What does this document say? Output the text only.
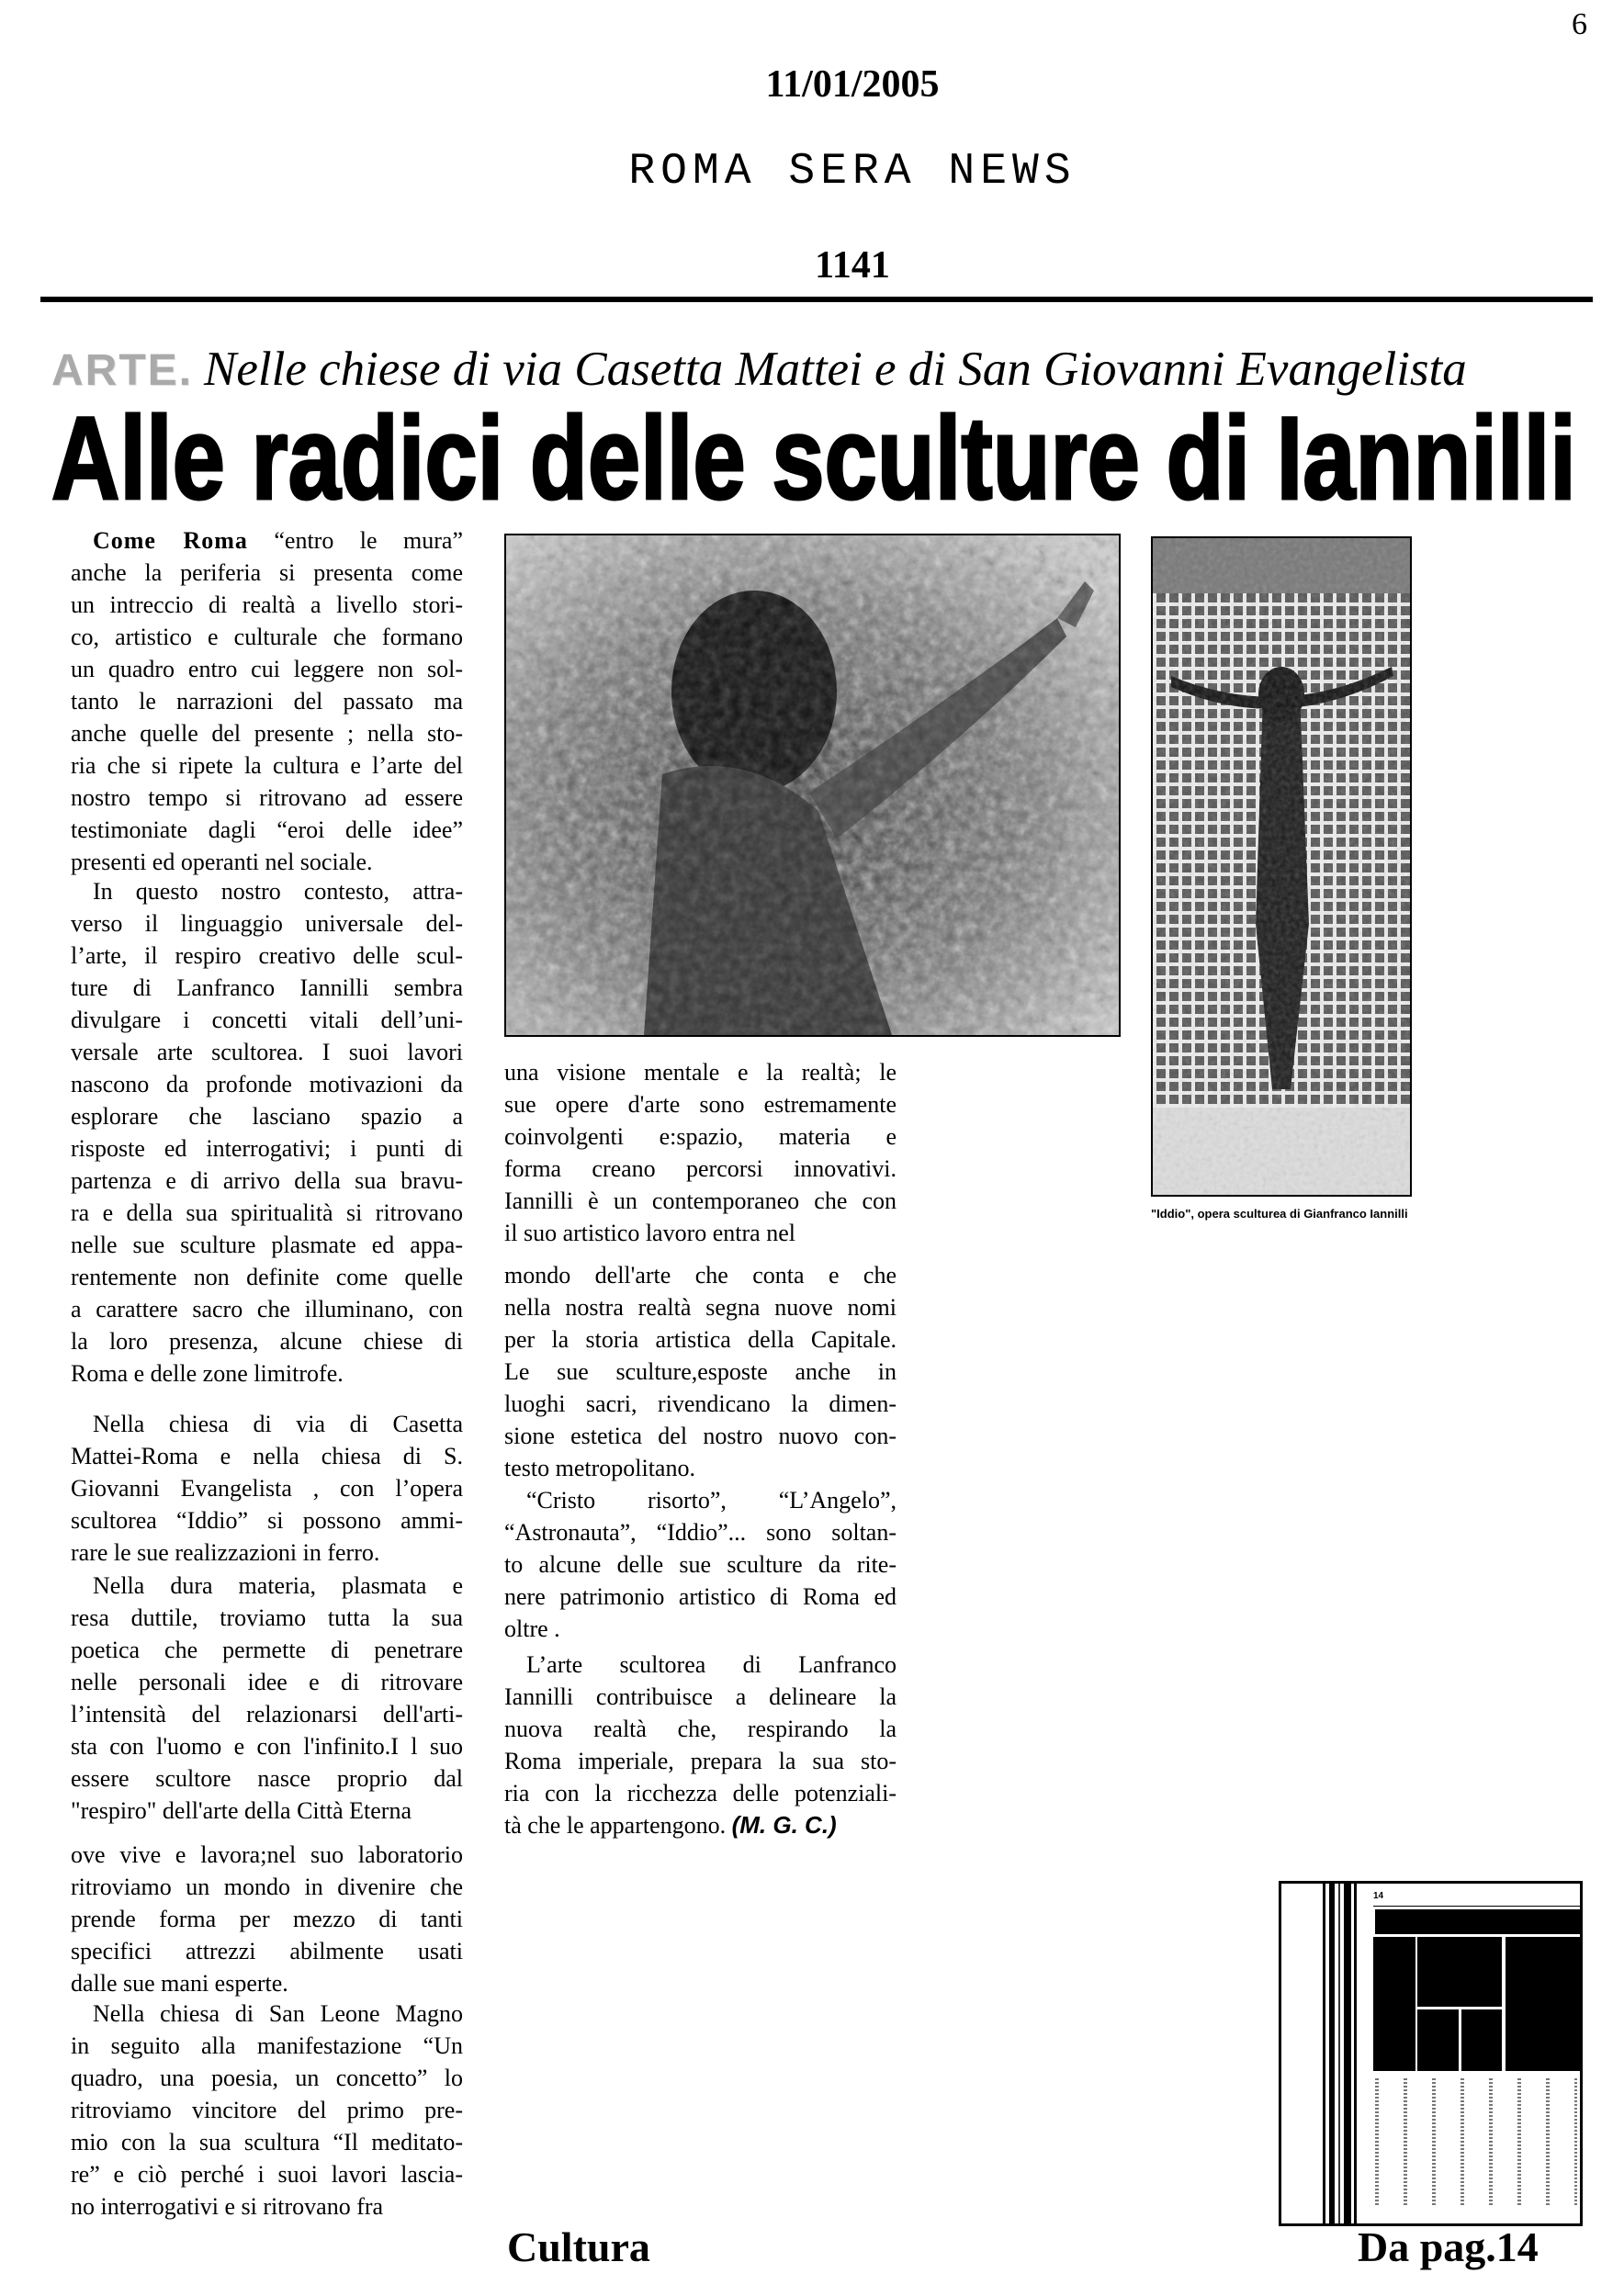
6
11/01/2005
ROMA SERA NEWS
1141
ARTE. Nelle chiese di via Casetta Mattei e di San Giovanni Evangelista
Alle radici delle sculture di Iannilli
Come Roma “entro le mura”
anche la periferia si presenta come
un intreccio di realtà a livello stori-
co, artistico e culturale che formano
un quadro entro cui leggere non sol-
tanto le narrazioni del passato ma
anche quelle del presente ; nella sto-
ria che si ripete la cultura e l’arte del
nostro tempo si ritrovano ad essere
testimoniate dagli “eroi delle idee”
presenti ed operanti nel sociale.
In questo nostro contesto, attra-
verso il linguaggio universale del-
l’arte, il respiro creativo delle scul-
ture di Lanfranco Iannilli sembra
divulgare i concetti vitali dell’uni-
versale arte scultorea. I suoi lavori
nascono da profonde motivazioni da
esplorare che lasciano spazio a
risposte ed interrogativi; i punti di
partenza e di arrivo della sua bravu-
ra e della sua spiritualità si ritrovano
nelle sue sculture plasmate ed appa-
rentemente non definite come quelle
a carattere sacro che illuminano, con
la loro presenza, alcune chiese di
Roma e delle zone limitrofe.
Nella chiesa di via di Casetta
Mattei-Roma e nella chiesa di S.
Giovanni Evangelista , con l’opera
scultorea “Iddio” si possono ammi-
rare le sue realizzazioni in ferro.
Nella dura materia, plasmata e
resa duttile, troviamo tutta la sua
poetica che permette di penetrare
nelle personali idee e di ritrovare
l’intensità del relazionarsi dell'arti-
sta con l'uomo e con l'infinito.I l suo
essere scultore nasce proprio dal
"respiro" dell'arte della Città Eterna
ove vive e lavora;nel suo laboratorio
ritroviamo un mondo in divenire che
prende forma per mezzo di tanti
specifici attrezzi abilmente usati
dalle sue mani esperte.
Nella chiesa di San Leone Magno
in seguito alla manifestazione “Un
quadro, una poesia, un concetto” lo
ritroviamo vincitore del primo pre-
mio con la sua scultura “Il meditato-
re” e ciò perché i suoi lavori lascia-
no interrogativi e si ritrovano fra
una visione mentale e la realtà; le
sue opere d'arte sono estremamente
coinvolgenti e:spazio, materia e
forma creano percorsi innovativi.
Iannilli è un contemporaneo che con
il suo artistico lavoro entra nel
mondo dell'arte che conta e che
nella nostra realtà segna nuove nomi
per la storia artistica della Capitale.
Le sue sculture,esposte anche in
luoghi sacri, rivendicano la dimen-
sione estetica del nostro nuovo con-
testo metropolitano.
“Cristo risorto”, “L’Angelo”,
“Astronauta”, “Iddio”... sono soltan-
to alcune delle sue sculture da rite-
nere patrimonio artistico di Roma ed
oltre .
L’arte scultorea di Lanfranco
Iannilli contribuisce a delineare la
nuova realtà che, respirando la
Roma imperiale, prepara la sua sto-
ria con la ricchezza delle potenziali-
tà che le appartengono. (M. G. C.)
"Iddio", opera sculturea di Gianfranco Iannilli
14
Cultura	Da pag.14
